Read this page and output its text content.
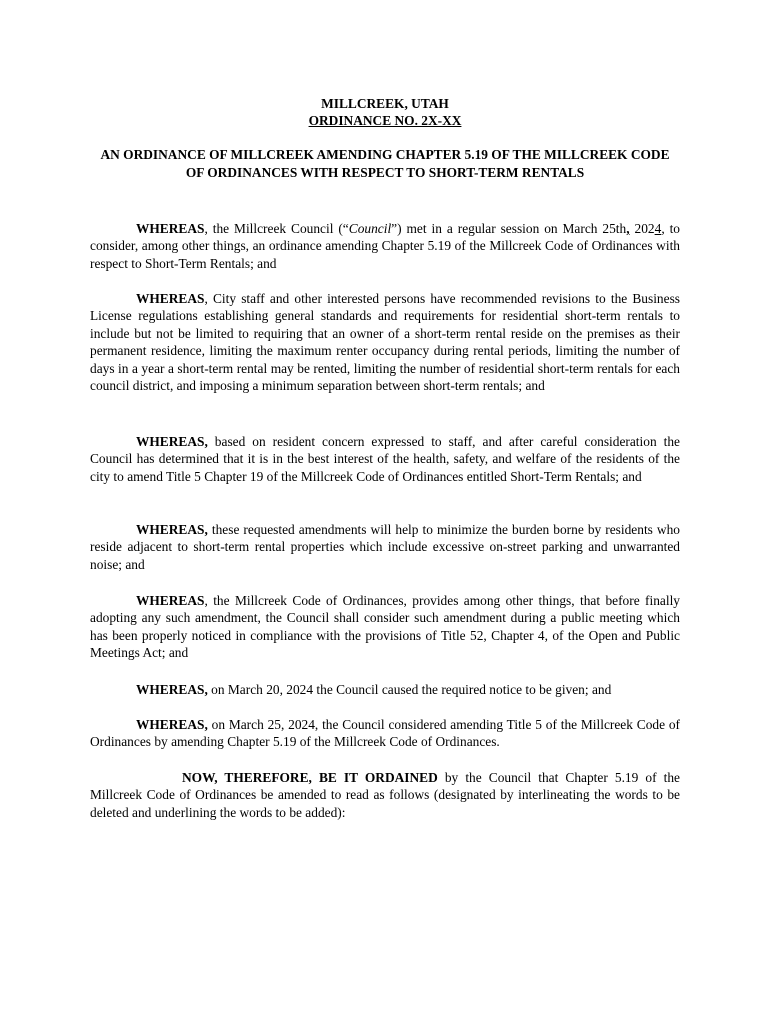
MILLCREEK, UTAH
ORDINANCE NO. 2X-XX
AN ORDINANCE OF MILLCREEK AMENDING CHAPTER 5.19 OF THE MILLCREEK CODE OF ORDINANCES WITH RESPECT TO SHORT-TERM RENTALS

WHEREAS, the Millcreek Council (“Council”) met in a regular session on March 25th, 2024, to consider, among other things, an ordinance amending Chapter 5.19 of the Millcreek Code of Ordinances with respect to Short-Term Rentals; and

WHEREAS, City staff and other interested persons have recommended revisions to the Business License regulations establishing general standards and requirements for residential short-term rentals to include but not be limited to requiring that an owner of a short-term rental reside on the premises as their permanent residence, limiting the maximum renter occupancy during rental periods, limiting the number of days in a year a short-term rental may be rented, limiting the number of residential short-term rentals for each council district, and imposing a minimum separation between short-term rentals; and

WHEREAS, based on resident concern expressed to staff, and after careful consideration the Council has determined that it is in the best interest of the health, safety, and welfare of the residents of the city to amend Title 5 Chapter 19 of the Millcreek Code of Ordinances entitled Short-Term Rentals; and

WHEREAS, these requested amendments will help to minimize the burden borne by residents who reside adjacent to short-term rental properties which include excessive on-street parking and unwarranted noise; and

WHEREAS, the Millcreek Code of Ordinances, provides among other things, that before finally adopting any such amendment, the Council shall consider such amendment during a public meeting which has been properly noticed in compliance with the provisions of Title 52, Chapter 4, of the Open and Public Meetings Act; and

WHEREAS, on March 20, 2024 the Council caused the required notice to be given; and

WHEREAS, on March 25, 2024, the Council considered amending Title 5 of the Millcreek Code of Ordinances by amending Chapter 5.19 of the Millcreek Code of Ordinances.

NOW, THEREFORE, BE IT ORDAINED by the Council that Chapter 5.19 of the Millcreek Code of Ordinances be amended to read as follows (designated by interlineating the words to be deleted and underlining the words to be added):
